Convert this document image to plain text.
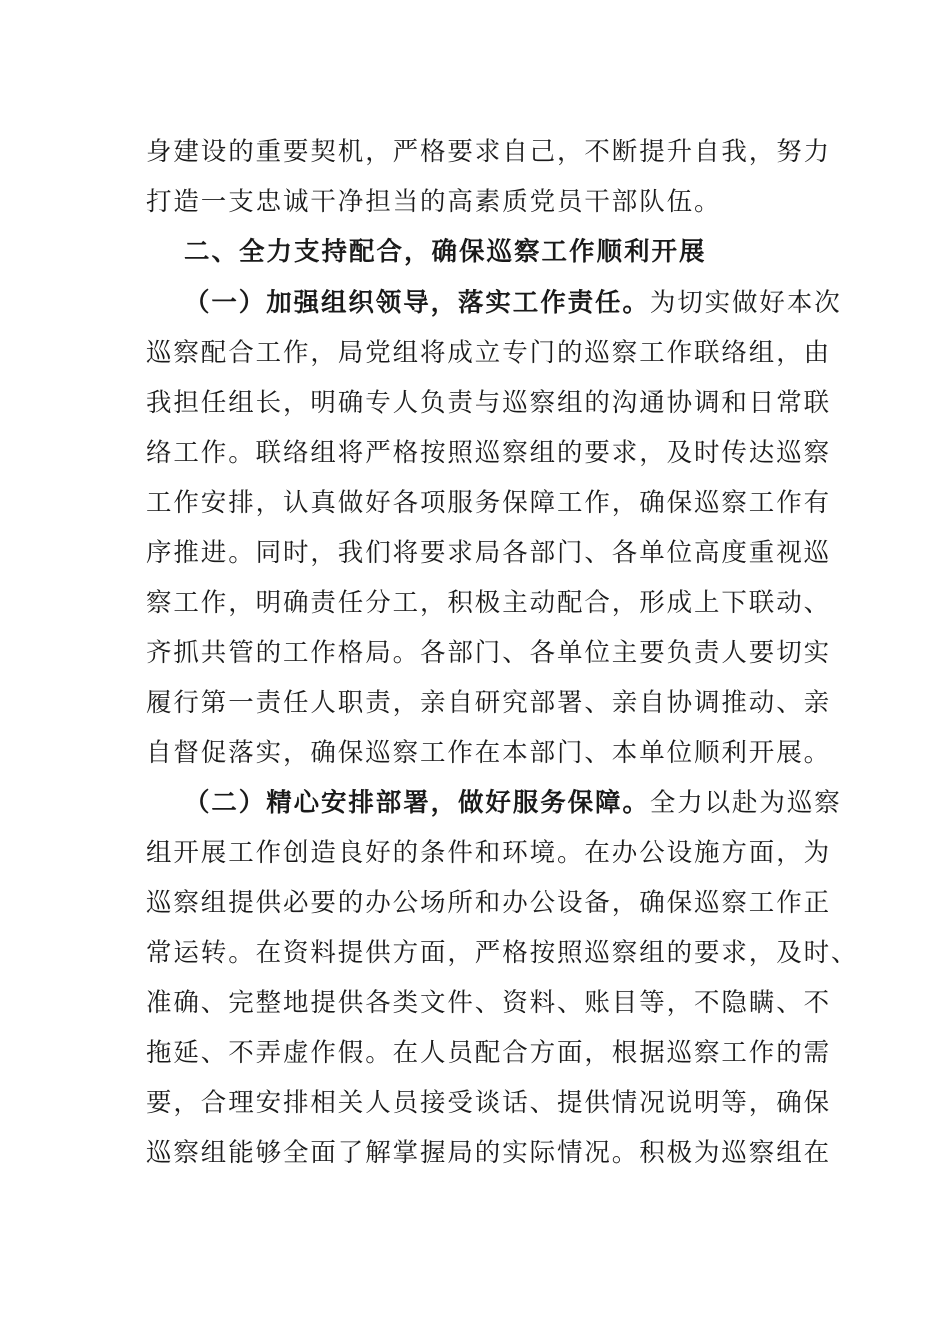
身建设的重要契机，严格要求自己，不断提升自我，努力
打造一支忠诚干净担当的高素质党员干部队伍。
二、全力支持配合，确保巡察工作顺利开展
（一）加强组织领导，落实工作责任。为切实做好本次
巡察配合工作，局党组将成立专门的巡察工作联络组，由
我担任组长，明确专人负责与巡察组的沟通协调和日常联
络工作。联络组将严格按照巡察组的要求，及时传达巡察
工作安排，认真做好各项服务保障工作，确保巡察工作有
序推进。同时，我们将要求局各部门、各单位高度重视巡
察工作，明确责任分工，积极主动配合，形成上下联动、
齐抓共管的工作格局。各部门、各单位主要负责人要切实
履行第一责任人职责，亲自研究部署、亲自协调推动、亲
自督促落实，确保巡察工作在本部门、本单位顺利开展。
（二）精心安排部署，做好服务保障。全力以赴为巡察
组开展工作创造良好的条件和环境。在办公设施方面，为
巡察组提供必要的办公场所和办公设备，确保巡察工作正
常运转。在资料提供方面，严格按照巡察组的要求，及时、
准确、完整地提供各类文件、资料、账目等，不隐瞒、不
拖延、不弄虚作假。在人员配合方面，根据巡察工作的需
要，合理安排相关人员接受谈话、提供情况说明等，确保
巡察组能够全面了解掌握局的实际情况。积极为巡察组在
